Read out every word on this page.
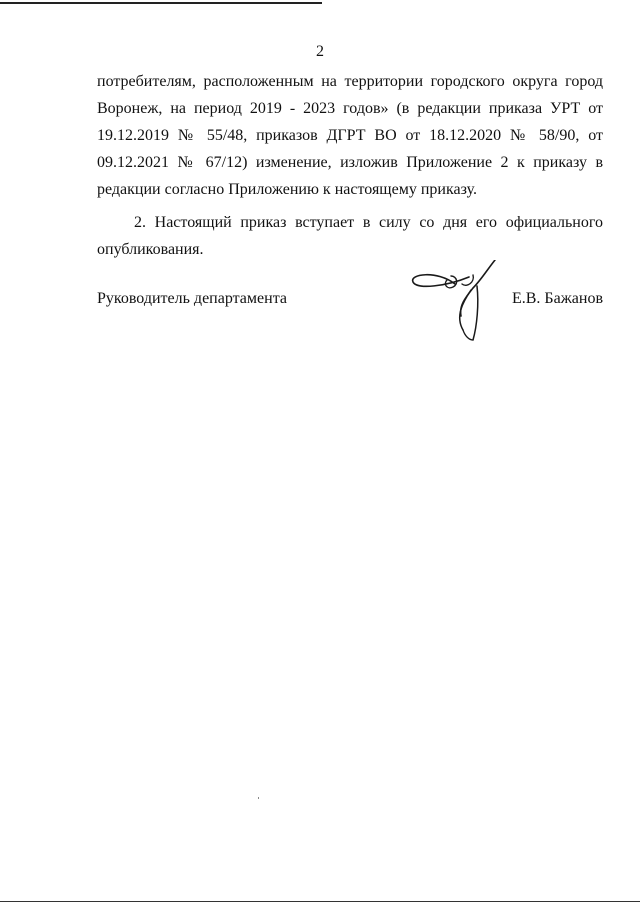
2

потребителям, расположенным на территории городского округа город Воронеж, на период 2019 - 2023 годов» (в редакции приказа УРТ от 19.12.2019 № 55/48, приказов ДГРТ ВО от 18.12.2020 № 58/90, от 09.12.2021 № 67/12) изменение, изложив Приложение 2 к приказу в редакции согласно Приложению к настоящему приказу.

2. Настоящий приказ вступает в силу со дня его официального опубликования.

Руководитель департамента	Е.В. Бажанов
